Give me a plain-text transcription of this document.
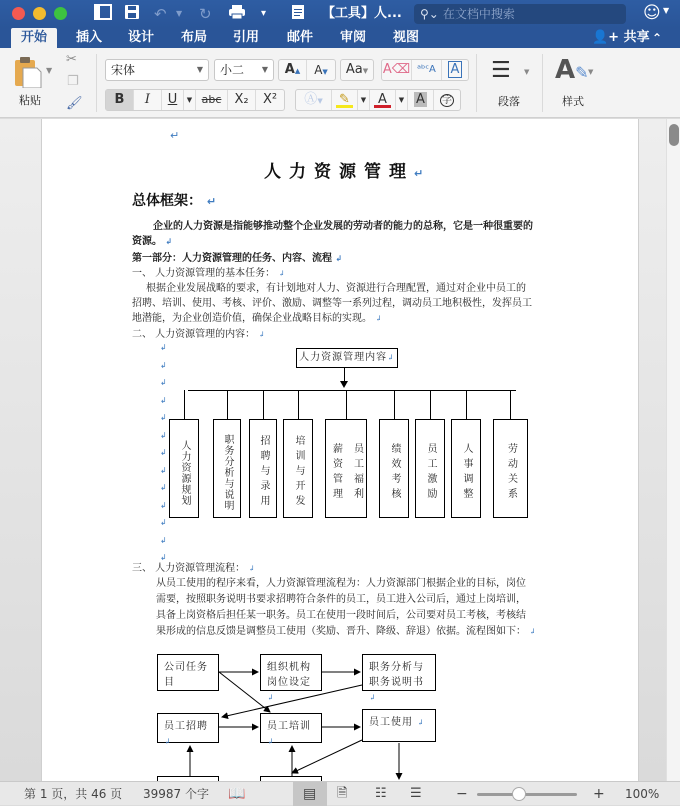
↶ ▼ ↻	▾	【工具】人...	⚲⌄ 在文档中搜索	☺ ▼
开始	插入 设计 布局 引用 邮件 审阅 视图	👤+ 共享 ⌃
▼
粘贴
✂
❐
🖌
宋体	▼	小二 ▼	A▲	A▼	Aa▼	A⌫ ᵃᵇᶜA	A
B	I	U	▼ abc	X₂	X²	Ⓐ▼	✎	▼ A	▼ A	字
☰ ▼
段落
A✎ ▼
样式
↵
人力资源管理↵
总体框架： ↵
企业的人力资源是指能够推动整个企业发展的劳动者的能力的总称，它是一种很重要的
资源。 ↲
第一部分：人力资源管理的任务、内容、流程 ↲
一、 人力资源管理的基本任务： ↲
根据企业发展战略的要求，有计划地对人力、资源进行合理配置，通过对企业中员工的
招聘、培训、使用、考核、评价、激励、调整等一系列过程，调动员工地积极性，发挥员工
地潜能，为企业创造价值，确保企业战略目标的实现。 ↲
二、 人力资源管理的内容： ↲
↲
↲
↲
↲
↲
↲
↲
↲
↲
↲
↲
↲
↲
人力资源管理内容↲
人力资源规划	职务分析与说明	招聘与录用 培训与开发	薪资管理 员工福利	绩效考核	员工激励	人事调整	劳动关系
三、 人力资源管理流程： ↲
从员工使用的程序来看，人力资源管理流程为：人力资源部门根据企业的目标，岗位
需要，按照职务说明书要求招聘符合条件的员工，员工进入公司后，通过上岗培训，
具备上岗资格后担任某一职务。员工在使用一段时间后，公司要对员工考核，考核结
果形成的信息反馈是调整员工使用（奖励、晋升、降级、辞退）依据。流程图如下： ↲
公司任务目
组织机构岗位设定↲
职务分析与职务说明书↲
员工招聘 ↲
员工培训 ↲
员工使用 ↲
第 1 页，共 46 页 39987 个字 📖	▤ 🗎 ☷ ☰ −	+ 100%
